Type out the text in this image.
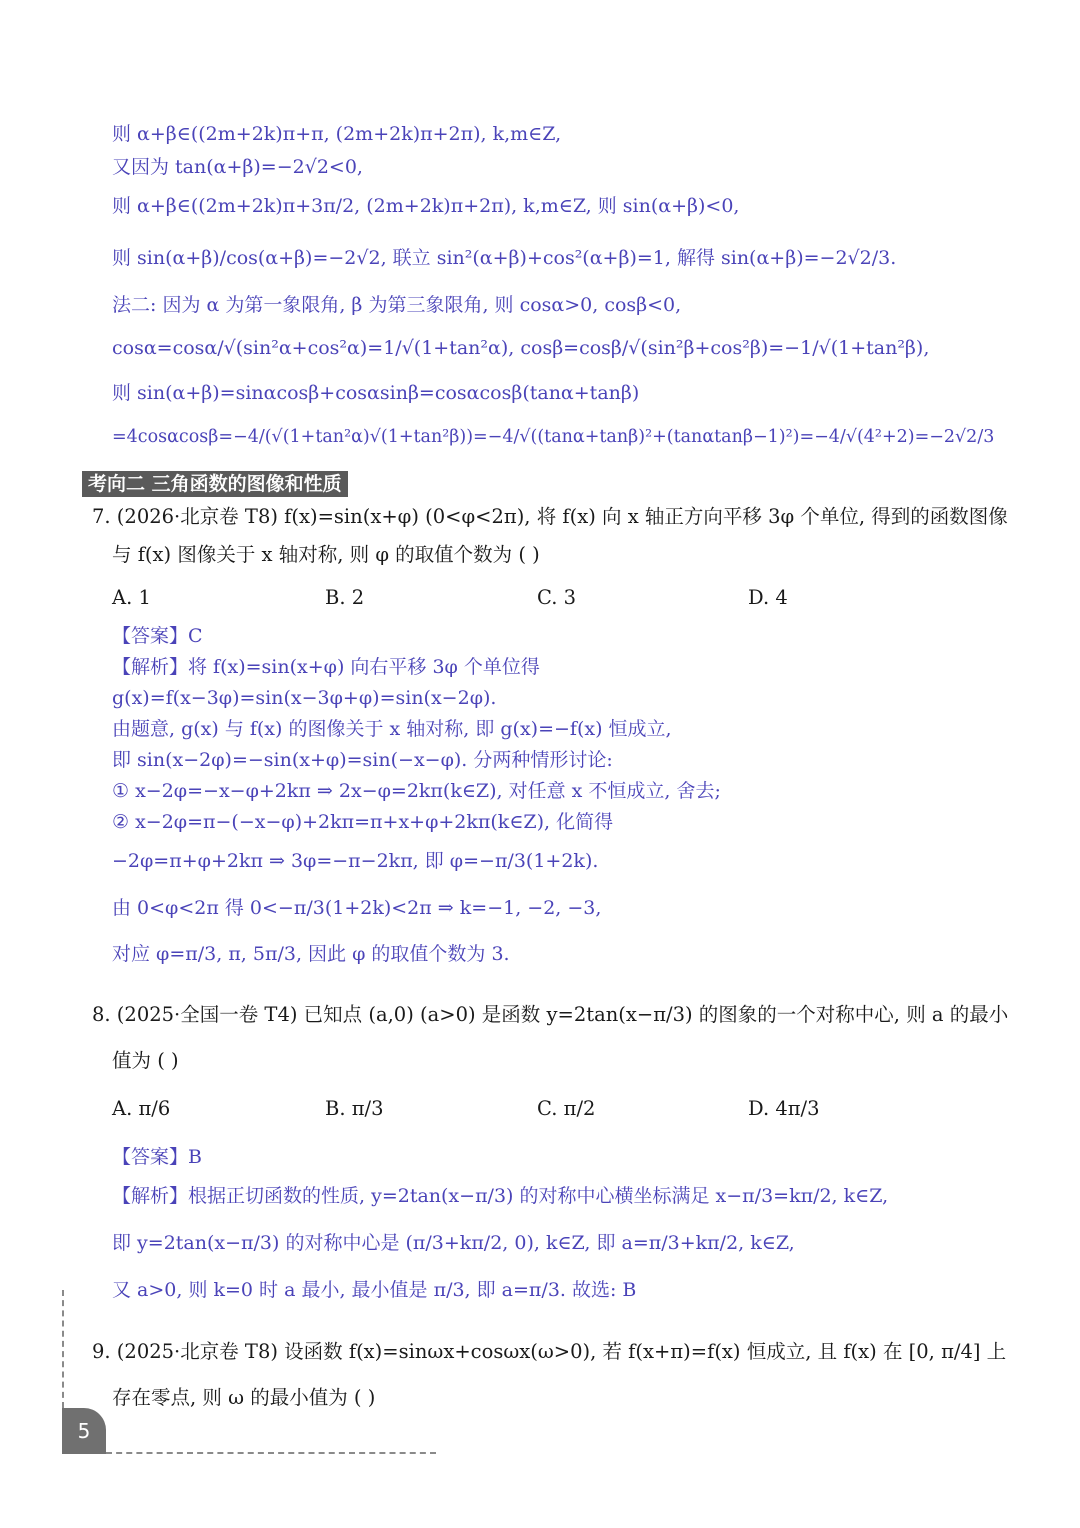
则 α+β∈((2m+2k)π+π, (2m+2k)π+2π), k,m∈Z,
又因为 tan(α+β)=−2√2<0,
则 α+β∈((2m+2k)π+3π/2, (2m+2k)π+2π), k,m∈Z, 则 sin(α+β)<0,
则 sin(α+β)/cos(α+β)=−2√2, 联立 sin²(α+β)+cos²(α+β)=1, 解得 sin(α+β)=−2√2/3.
法二: 因为 α 为第一象限角, β 为第三象限角, 则 cosα>0, cosβ<0,
cosα=cosα/√(sin²α+cos²α)=1/√(1+tan²α), cosβ=cosβ/√(sin²β+cos²β)=−1/√(1+tan²β),
则 sin(α+β)=sinαcosβ+cosαsinβ=cosαcosβ(tanα+tanβ)
=4cosαcosβ=−4/(√(1+tan²α)√(1+tan²β))=−4/√((tanα+tanβ)²+(tanαtanβ−1)²)=−4/√(4²+2)=−2√2/3
考向二 三角函数的图像和性质
7. (2026·北京卷 T8) f(x)=sin(x+φ) (0<φ<2π), 将 f(x) 向 x 轴正方向平移 3φ 个单位, 得到的函数图像
与 f(x) 图像关于 x 轴对称, 则 φ 的取值个数为 ( )
A. 1	B. 2	C. 3	D. 4
【答案】C
【解析】将 f(x)=sin(x+φ) 向右平移 3φ 个单位得
g(x)=f(x−3φ)=sin(x−3φ+φ)=sin(x−2φ).
由题意, g(x) 与 f(x) 的图像关于 x 轴对称, 即 g(x)=−f(x) 恒成立,
即 sin(x−2φ)=−sin(x+φ)=sin(−x−φ). 分两种情形讨论:
① x−2φ=−x−φ+2kπ ⇒ 2x−φ=2kπ(k∈Z), 对任意 x 不恒成立, 舍去;
② x−2φ=π−(−x−φ)+2kπ=π+x+φ+2kπ(k∈Z), 化简得
−2φ=π+φ+2kπ ⇒ 3φ=−π−2kπ, 即 φ=−π/3(1+2k).
由 0<φ<2π 得 0<−π/3(1+2k)<2π ⇒ k=−1, −2, −3,
对应 φ=π/3, π, 5π/3, 因此 φ 的取值个数为 3.
8. (2025·全国一卷 T4) 已知点 (a,0) (a>0) 是函数 y=2tan(x−π/3) 的图象的一个对称中心, 则 a 的最小
值为 ( )
A. π/6	B. π/3	C. π/2	D. 4π/3
【答案】B
【解析】根据正切函数的性质, y=2tan(x−π/3) 的对称中心横坐标满足 x−π/3=kπ/2, k∈Z,
即 y=2tan(x−π/3) 的对称中心是 (π/3+kπ/2, 0), k∈Z, 即 a=π/3+kπ/2, k∈Z,
又 a>0, 则 k=0 时 a 最小, 最小值是 π/3, 即 a=π/3. 故选: B
9. (2025·北京卷 T8) 设函数 f(x)=sinωx+cosωx(ω>0), 若 f(x+π)=f(x) 恒成立, 且 f(x) 在 [0, π/4] 上
存在零点, 则 ω 的最小值为 ( )
5
